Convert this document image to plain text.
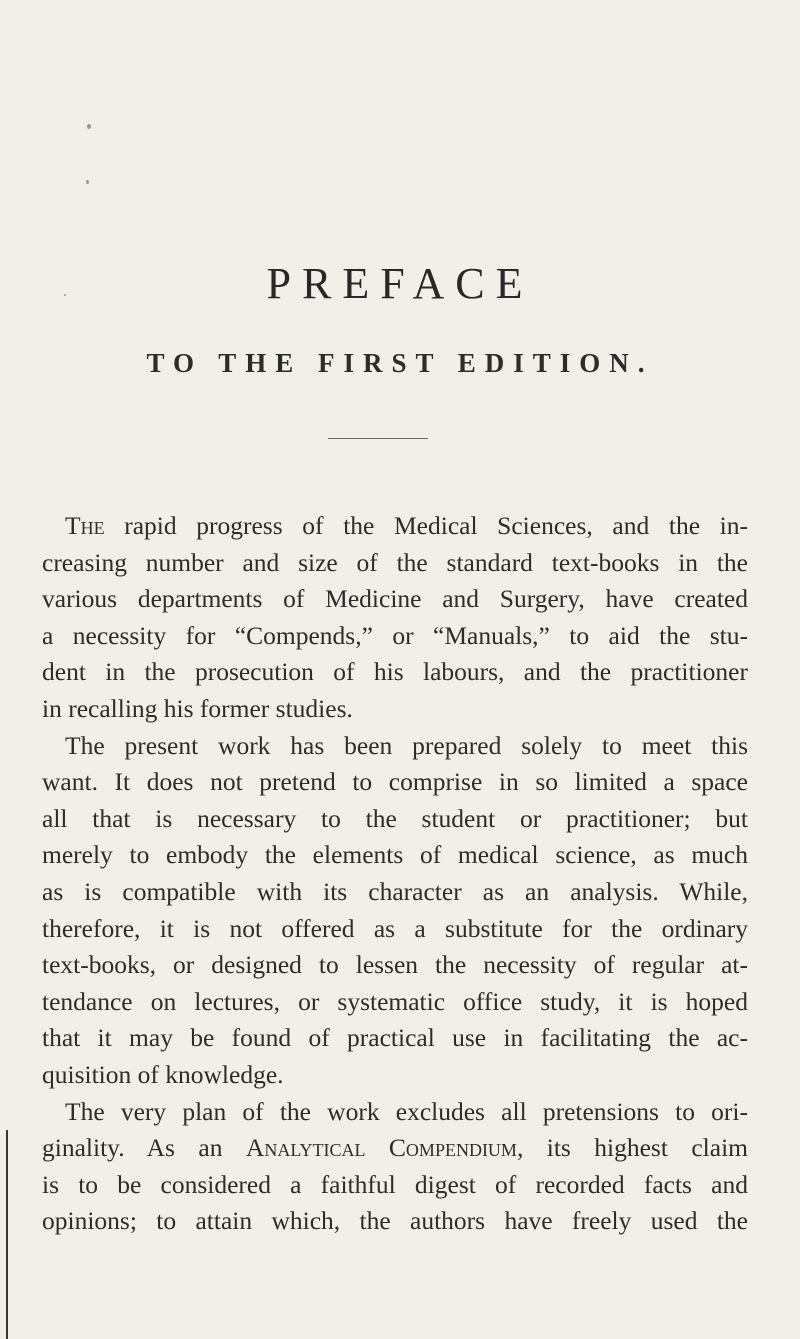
PREFACE
TO THE FIRST EDITION.
The rapid progress of the Medical Sciences, and the in-
creasing number and size of the standard text-books in the
various departments of Medicine and Surgery, have created
a necessity for “Compends,” or “Manuals,” to aid the stu-
dent in the prosecution of his labours, and the practitioner
in recalling his former studies.
The present work has been prepared solely to meet this
want. It does not pretend to comprise in so limited a space
all that is necessary to the student or practitioner; but
merely to embody the elements of medical science, as much
as is compatible with its character as an analysis. While,
therefore, it is not offered as a substitute for the ordinary
text-books, or designed to lessen the necessity of regular at-
tendance on lectures, or systematic office study, it is hoped
that it may be found of practical use in facilitating the ac-
quisition of knowledge.
The very plan of the work excludes all pretensions to ori-
ginality. As an Analytical Compendium, its highest claim
is to be considered a faithful digest of recorded facts and
opinions; to attain which, the authors have freely used the
